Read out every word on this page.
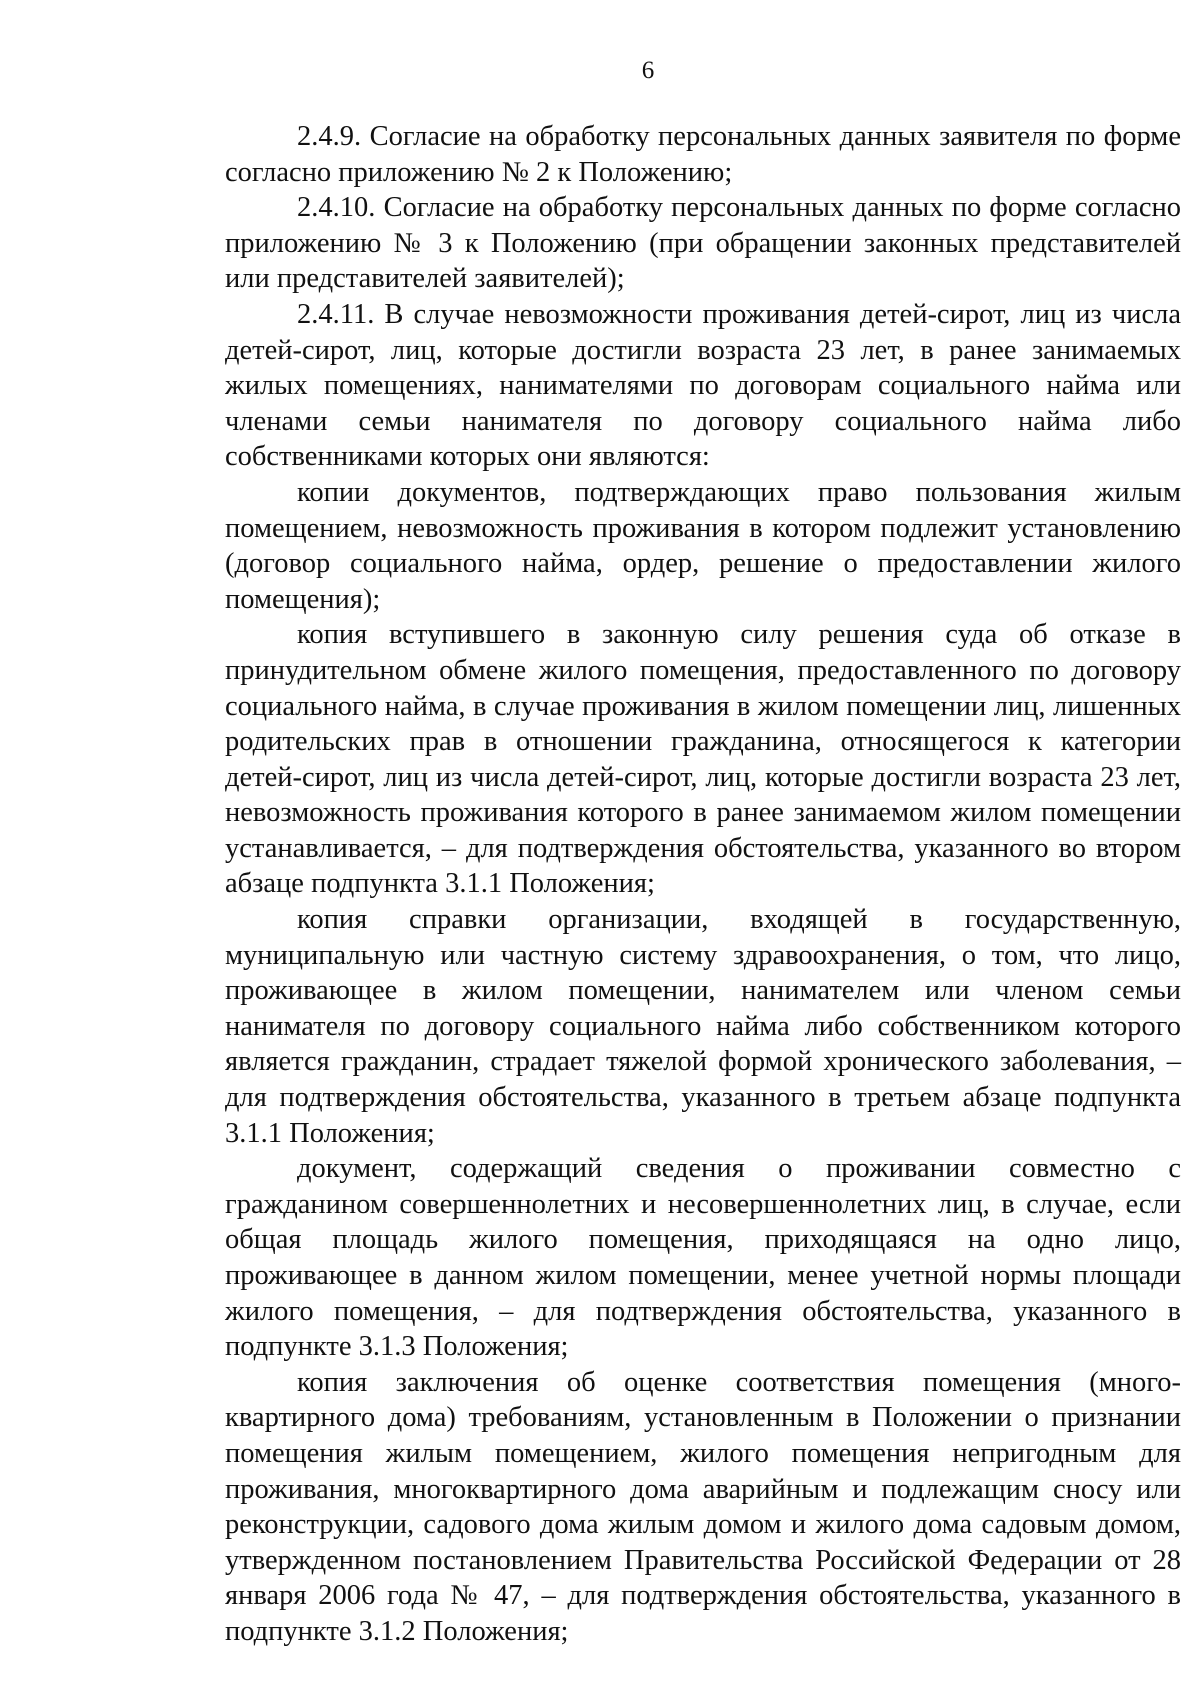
6

2.4.9. Согласие на обработку персональных данных заявителя по форме согласно приложению № 2 к Положению;

2.4.10. Согласие на обработку персональных данных по форме согласно приложению № 3 к Положению (при обращении законных представителей или представителей заявителей);

2.4.11. В случае невозможности проживания детей-сирот, лиц из числа детей-сирот, лиц, которые достигли возраста 23 лет, в ранее занимаемых жилых помещениях, нанимателями по договорам социального найма или членами семьи нанимателя по договору социального найма либо собственниками которых они являются:

копии документов, подтверждающих право пользования жилым помещением, невозможность проживания в котором подлежит установлению (договор социального найма, ордер, решение о предоставлении жилого помещения);

копия вступившего в законную силу решения суда об отказе в принудительном обмене жилого помещения, предоставленного по договору социального найма, в случае проживания в жилом помещении лиц, лишенных родительских прав в отношении гражданина, относящегося к категории детей-сирот, лиц из числа детей-сирот, лиц, которые достигли возраста 23 лет, невозможность проживания которого в ранее занимаемом жилом помещении устанавливается, – для подтверждения обстоятельства, указанного во втором абзаце подпункта 3.1.1 Положения;

копия справки организации, входящей в государственную, муниципальную или частную систему здравоохранения, о том, что лицо, проживающее в жилом помещении, нанимателем или членом семьи нанимателя по договору социального найма либо собственником которого является гражданин, страдает тяжелой формой хронического заболевания, – для подтверждения обстоятельства, указанного в третьем абзаце подпункта 3.1.1 Положения;

документ, содержащий сведения о проживании совместно с гражданином совершеннолетних и несовершеннолетних лиц, в случае, если общая площадь жилого помещения, приходящаяся на одно лицо, проживающее в данном жилом помещении, менее учетной нормы площади жилого помещения, – для подтверждения обстоятельства, указанного в подпункте 3.1.3 Положения;

копия заключения об оценке соответствия помещения (многоквартирного дома) требованиям, установленным в Положении о признании помещения жилым помещением, жилого помещения непригодным для проживания, многоквартирного дома аварийным и подлежащим сносу или реконструкции, садового дома жилым домом и жилого дома садовым домом, утвержденном постановлением Правительства Российской Федерации от 28 января 2006 года № 47, – для подтверждения обстоятельства, указанного в подпункте 3.1.2 Положения;
